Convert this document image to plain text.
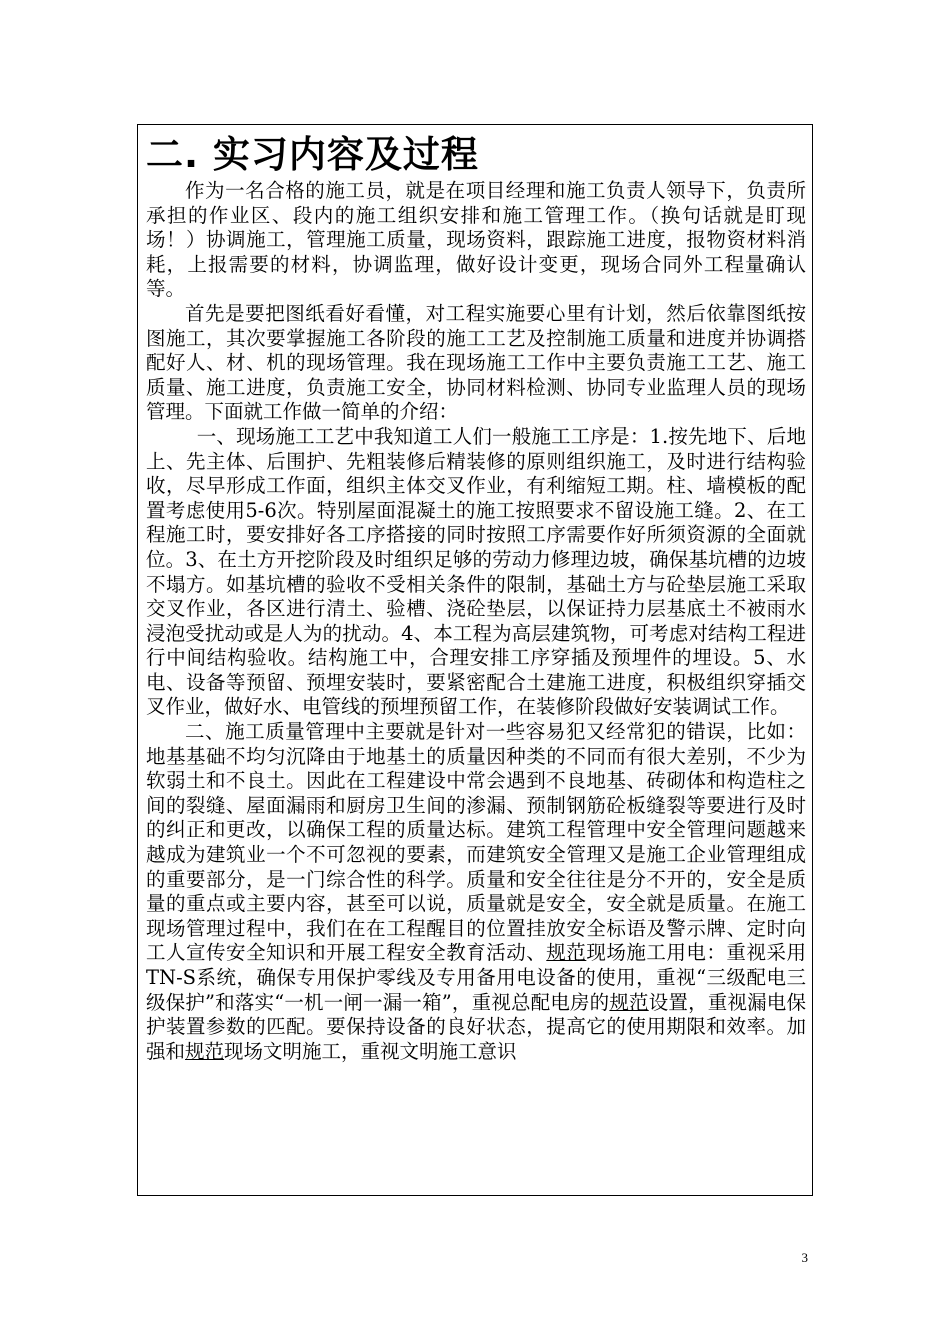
二. 实习内容及过程

作为一名合格的施工员，就是在项目经理和施工负责人领导下，负责所承担的作业区、段内的施工组织安排和施工管理工作。（换句话就是盯现场！）协调施工，管理施工质量，现场资料，跟踪施工进度，报物资材料消耗，上报需要的材料，协调监理，做好设计变更，现场合同外工程量确认等。

首先是要把图纸看好看懂，对工程实施要心里有计划，然后依靠图纸按图施工，其次要掌握施工各阶段的施工工艺及控制施工质量和进度并协调搭配好人、材、机的现场管理。我在现场施工工作中主要负责施工工艺、施工质量、施工进度，负责施工安全，协同材料检测、协同专业监理人员的现场管理。下面就工作做一简单的介绍：

一、现场施工工艺中我知道工人们一般施工工序是：1.按先地下、后地上、先主体、后围护、先粗装修后精装修的原则组织施工，及时进行结构验收，尽早形成工作面，组织主体交叉作业，有利缩短工期。柱、墙模板的配置考虑使用5-6次。特别屋面混凝土的施工按照要求不留设施工缝。2、在工程施工时，要安排好各工序搭接的同时按照工序需要作好所须资源的全面就位。3、在土方开挖阶段及时组织足够的劳动力修理边坡，确保基坑槽的边坡不塌方。如基坑槽的验收不受相关条件的限制，基础土方与砼垫层施工采取交叉作业，各区进行清土、验槽、浇砼垫层，以保证持力层基底土不被雨水浸泡受扰动或是人为的扰动。4、本工程为高层建筑物，可考虑对结构工程进行中间结构验收。结构施工中，合理安排工序穿插及预埋件的埋设。5、水电、设备等预留、预埋安装时，要紧密配合土建施工进度，积极组织穿插交叉作业，做好水、电管线的预埋预留工作，在装修阶段做好安装调试工作。

二、施工质量管理中主要就是针对一些容易犯又经常犯的错误，比如：地基基础不均匀沉降由于地基土的质量因种类的不同而有很大差别，不少为软弱土和不良土。因此在工程建设中常会遇到不良地基、砖砌体和构造柱之间的裂缝、屋面漏雨和厨房卫生间的渗漏、预制钢筋砼板缝裂等要进行及时的纠正和更改，以确保工程的质量达标。建筑工程管理中安全管理问题越来越成为建筑业一个不可忽视的要素，而建筑安全管理又是施工企业管理组成的重要部分，是一门综合性的科学。质量和安全往往是分不开的，安全是质量的重点或主要内容，甚至可以说，质量就是安全，安全就是质量。在施工现场管理过程中，我们在在工程醒目的位置挂放安全标语及警示牌、定时向工人宣传安全知识和开展工程安全教育活动、规范现场施工用电：重视采用TN-S系统，确保专用保护零线及专用备用电设备的使用，重视“三级配电三级保护”和落实“一机一闸一漏一箱”，重视总配电房的规范设置，重视漏电保护装置参数的匹配。要保持设备的良好状态，提高它的使用期限和效率。加强和规范现场文明施工，重视文明施工意识

3
